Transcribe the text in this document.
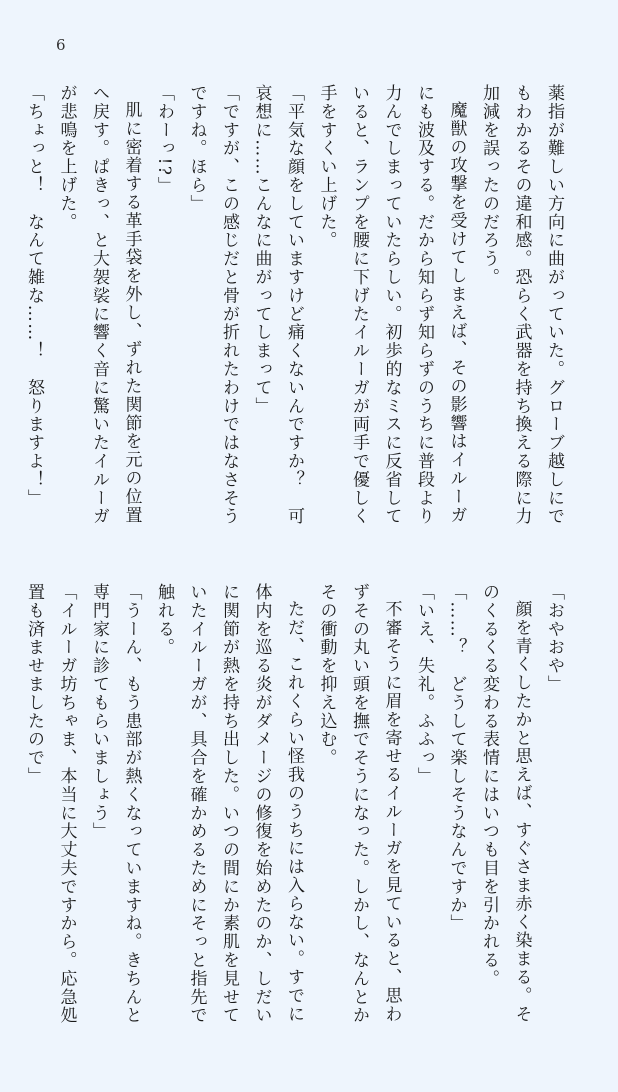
6
薬指が難しい方向に曲がっていた。グローブ越しにで
もわかるその違和感。恐らく武器を持ち換える際に力
加減を誤ったのだろう。
魔獣の攻撃を受けてしまえば、その影響はイルーガ
にも波及する。だから知らず知らずのうちに普段より
力んでしまっていたらしい。初歩的なミスに反省して
いると、ランプを腰に下げたイルーガが両手で優しく
手をすくい上げた。
「平気な顔をしていますけど痛くないんですか？　可
哀想に……こんなに曲がってしまって」
「ですが、この感じだと骨が折れたわけではなさそう
ですね。ほら」
「わーっ!?」
肌に密着する革手袋を外し、ずれた関節を元の位置
へ戻す。ぱきっ、と大袈裟に響く音に驚いたイルーガ
が悲鳴を上げた。
「ちょっと！　なんて雑な……！　怒りますよ！」
「おやおや」
顔を青くしたかと思えば、すぐさま赤く染まる。そ
のくるくる変わる表情にはいつも目を引かれる。
「……？　どうして楽しそうなんですか」
「いえ、失礼。ふふっ」
不審そうに眉を寄せるイルーガを見ていると、思わ
ずその丸い頭を撫でそうになった。しかし、なんとか
その衝動を抑え込む。
ただ、これくらい怪我のうちには入らない。すでに
体内を巡る炎がダメージの修復を始めたのか、しだい
に関節が熱を持ち出した。いつの間にか素肌を見せて
いたイルーガが、具合を確かめるためにそっと指先で
触れる。
「うーん、もう患部が熱くなっていますね。きちんと
専門家に診てもらいましょう」
「イルーガ坊ちゃま、本当に大丈夫ですから。応急処
置も済ませましたので」
